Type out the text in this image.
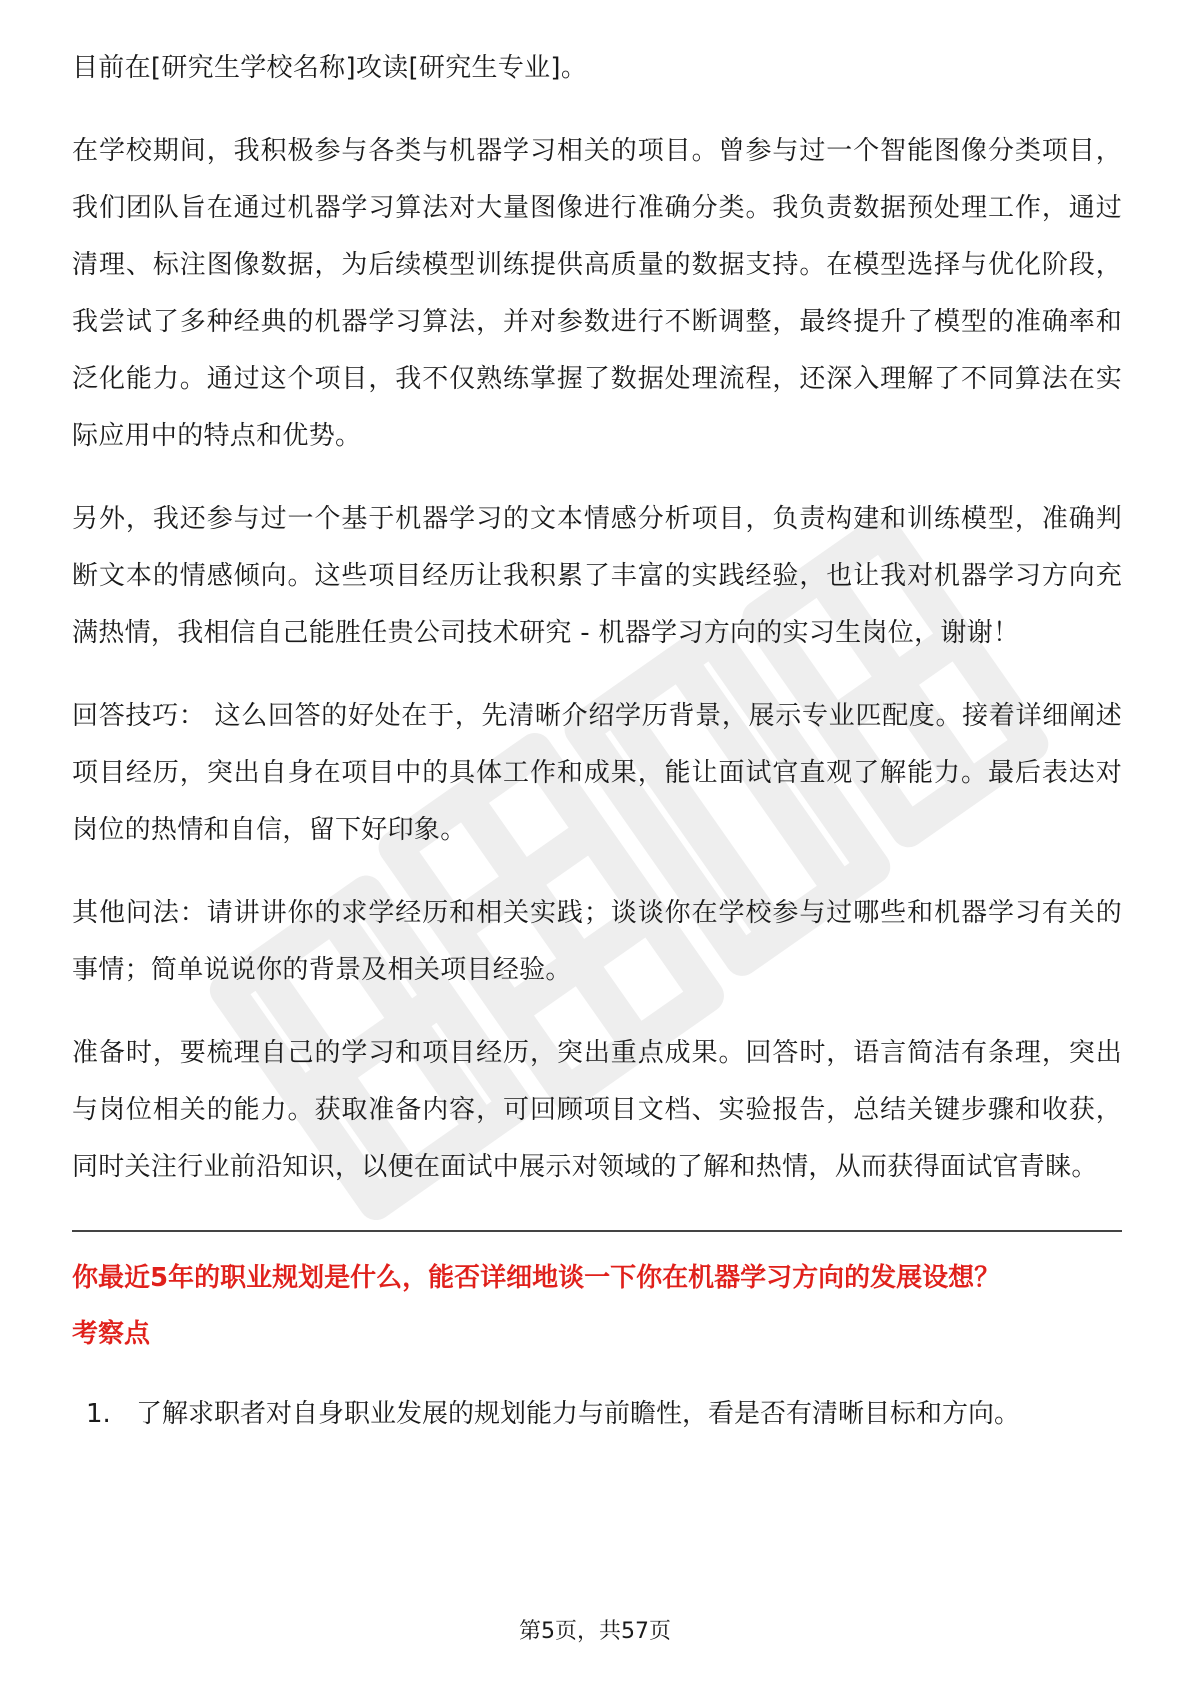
目前在[研究生学校名称]攻读[研究生专业]。

在学校期间，我积极参与各类与机器学习相关的项目。曾参与过一个智能图像分类项目，我们团队旨在通过机器学习算法对大量图像进行准确分类。我负责数据预处理工作，通过清理、标注图像数据，为后续模型训练提供高质量的数据支持。在模型选择与优化阶段，我尝试了多种经典的机器学习算法，并对参数进行不断调整，最终提升了模型的准确率和泛化能力。通过这个项目，我不仅熟练掌握了数据处理流程，还深入理解了不同算法在实际应用中的特点和优势。

另外，我还参与过一个基于机器学习的文本情感分析项目，负责构建和训练模型，准确判断文本的情感倾向。这些项目经历让我积累了丰富的实践经验，也让我对机器学习方向充满热情，我相信自己能胜任贵公司技术研究 - 机器学习方向的实习生岗位，谢谢！

回答技巧： 这么回答的好处在于，先清晰介绍学历背景，展示专业匹配度。接着详细阐述项目经历，突出自身在项目中的具体工作和成果，能让面试官直观了解能力。最后表达对岗位的热情和自信，留下好印象。

其他问法：请讲讲你的求学经历和相关实践；谈谈你在学校参与过哪些和机器学习有关的事情；简单说说你的背景及相关项目经验。

准备时，要梳理自己的学习和项目经历，突出重点成果。回答时，语言简洁有条理，突出与岗位相关的能力。获取准备内容，可回顾项目文档、实验报告，总结关键步骤和收获，同时关注行业前沿知识，以便在面试中展示对领域的了解和热情，从而获得面试官青睐。

你最近5年的职业规划是什么，能否详细地谈一下你在机器学习方向的发展设想？

考察点

1. 了解求职者对自身职业发展的规划能力与前瞻性，看是否有清晰目标和方向。
第5页，共57页
